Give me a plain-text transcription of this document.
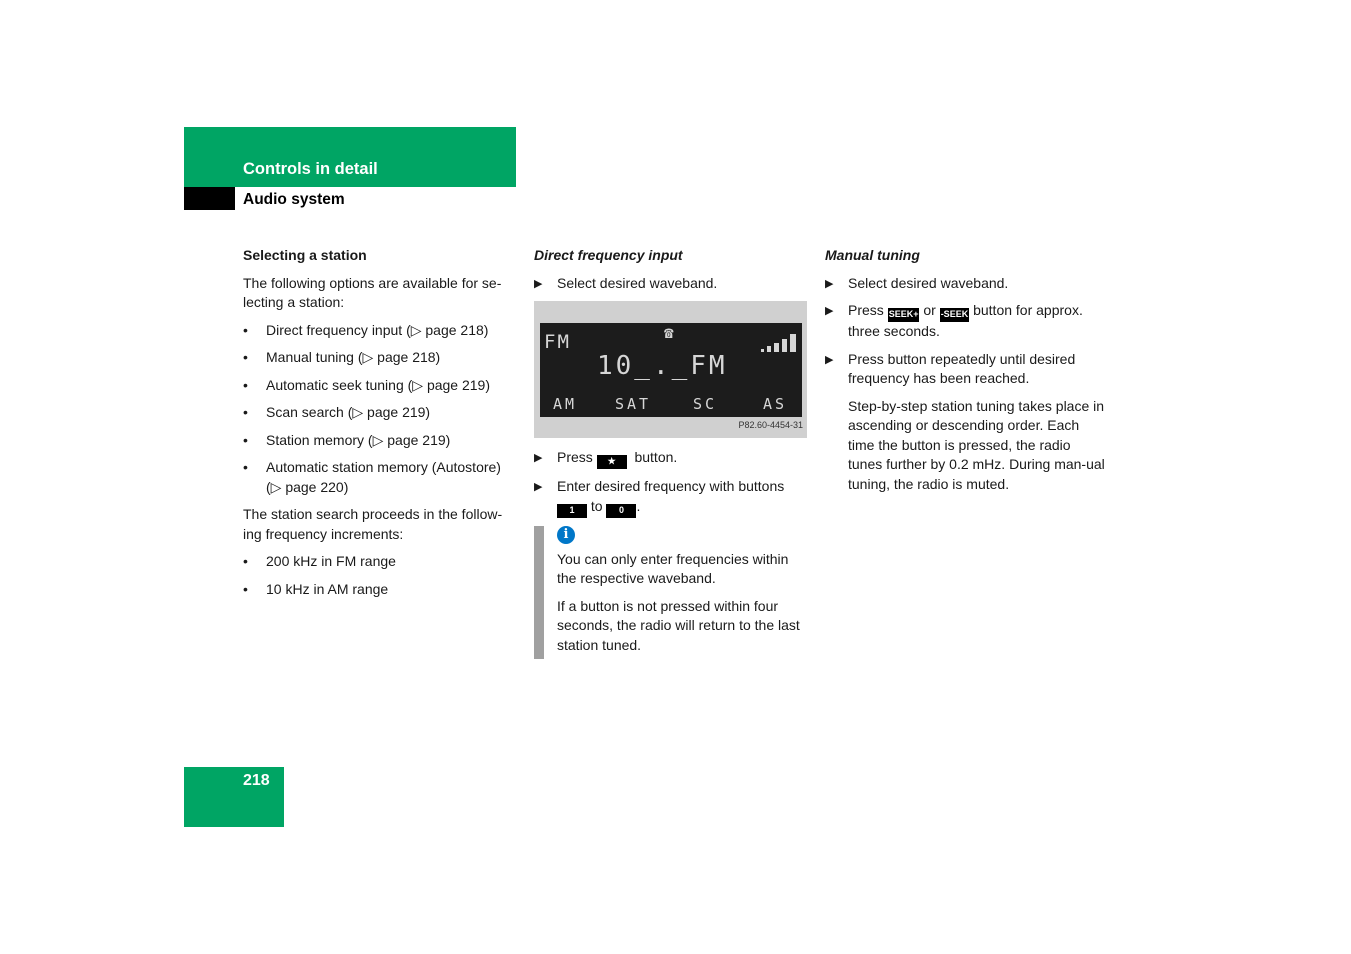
Controls in detail
Audio system
Selecting a station

The following options are available for se-lecting a station:

• Direct frequency input (▷ page 218)
• Manual tuning (▷ page 218)
• Automatic seek tuning (▷ page 219)
• Scan search (▷ page 219)
• Station memory (▷ page 219)
• Automatic station memory (Autostore) (▷ page 220)

The station search proceeds in the follow-ing frequency increments:

• 200 kHz in FM range
• 10 kHz in AM range
Direct frequency input
▶ Select desired waveband.
FM	☎
10_._FM
AM	SAT	SC	AS
P82.60-4454-31
▶ Press ★ button.
▶ Enter desired frequency with buttons
1 to 0 .
i

You can only enter frequencies within the respective waveband.

If a button is not pressed within four seconds, the radio will return to the last station tuned.

Manual tuning
▶ Select desired waveband.
▶ Press SEEK+ or -SEEK button for approx. three seconds.
▶ Press button repeatedly until desired frequency has been reached.

Step-by-step station tuning takes place in ascending or descending order. Each time the button is pressed, the radio tunes further by 0.2 mHz. During man-ual tuning, the radio is muted.

218
